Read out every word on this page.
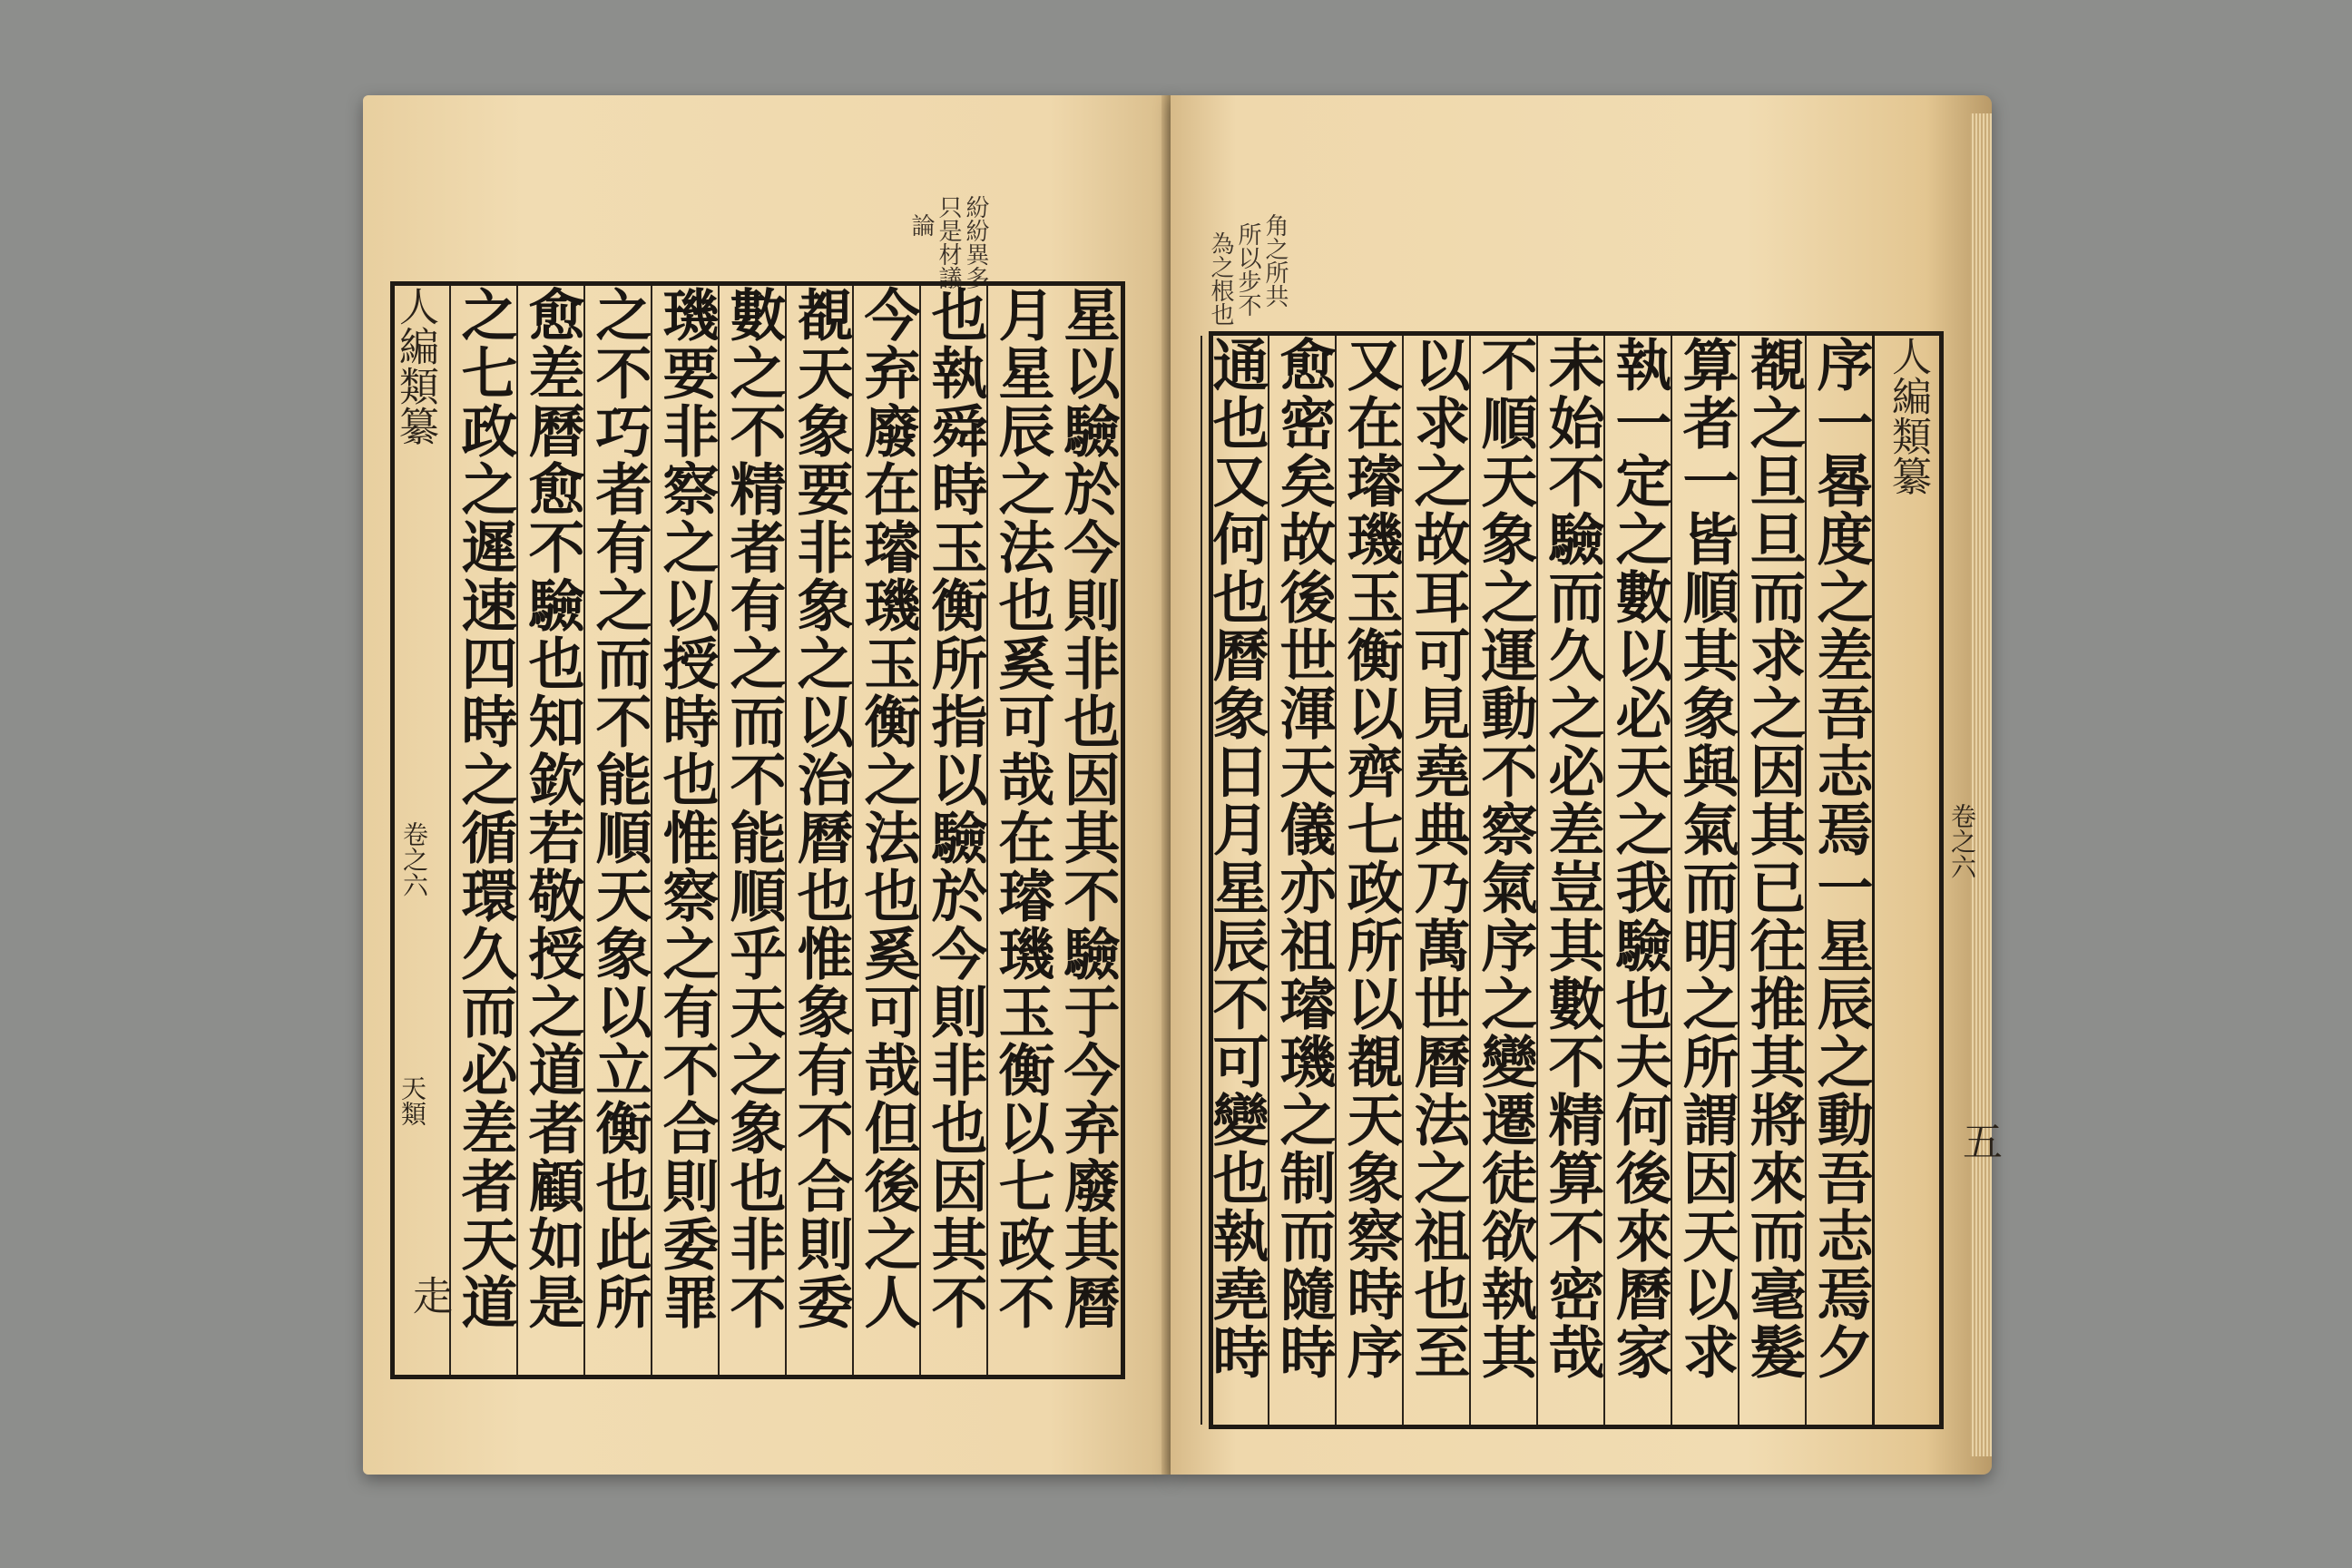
紛紛異多
只是材議
論
星以驗於今則非也因其不驗于今弃廢其曆
月星辰之法也奚可哉在璿璣玉衡以七政不
也執舜時玉衡所指以驗於今則非也因其不
今弃廢在璿璣玉衡之法也奚可哉但後之人
覩天象要非象之以治曆也惟象有不合則委
數之不精者有之而不能順乎天之象也非不
璣要非察之以授時也惟察之有不合則委罪
之不巧者有之而不能順天象以立衡也此所
愈差曆愈不驗也知欽若敬授之道者顧如是
之七政之遲速四時之循環久而必差者天道
人編類纂
卷之六
天類
走
角之所共
所以步不
為之根也
人編類纂
序一晷度之差吾志焉一星辰之動吾志焉夕
覩之旦旦而求之因其已往推其將來而毫髮
算者一皆順其象與氣而明之所謂因天以求
執一定之數以必天之我驗也夫何後來曆家
未始不驗而久之必差豈其數不精算不密哉
不順天象之運動不察氣序之變遷徒欲執其
以求之故耳可見堯典乃萬世曆法之祖也至
又在璿璣玉衡以齊七政所以覩天象察時序
愈密矣故後世渾天儀亦祖璿璣之制而隨時
通也又何也曆象日月星辰不可變也執堯時
卷之六
五
